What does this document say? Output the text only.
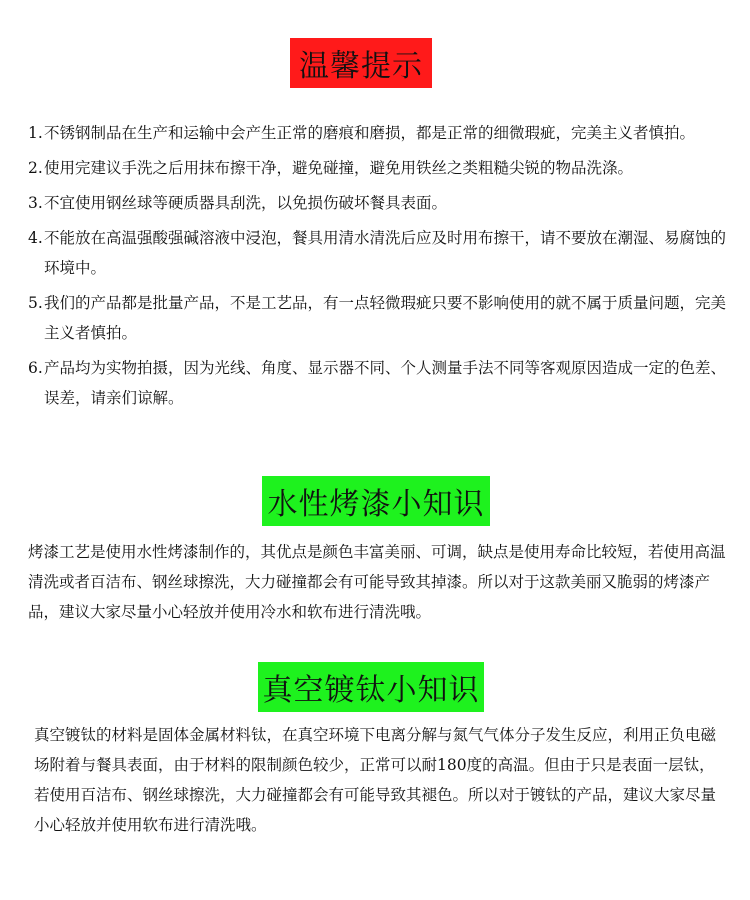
温馨提示
1. 不锈钢制品在生产和运输中会产生正常的磨痕和磨损，都是正常的细微瑕疵，完美主义者慎拍。
2. 使用完建议手洗之后用抹布擦干净，避免碰撞，避免用铁丝之类粗糙尖锐的物品洗涤。
3. 不宜使用钢丝球等硬质器具刮洗，以免损伤破坏餐具表面。
4. 不能放在高温强酸强碱溶液中浸泡，餐具用清水清洗后应及时用布擦干，请不要放在潮湿、易腐蚀的环境中。
5. 我们的产品都是批量产品，不是工艺品，有一点轻微瑕疵只要不影响使用的就不属于质量问题，完美主义者慎拍。
6. 产品均为实物拍摄，因为光线、角度、显示器不同、个人测量手法不同等客观原因造成一定的色差、误差，请亲们谅解。
水性烤漆小知识

烤漆工艺是使用水性烤漆制作的，其优点是颜色丰富美丽、可调，缺点是使用寿命比较短，若使用高温清洗或者百洁布、钢丝球擦洗，大力碰撞都会有可能导致其掉漆。所以对于这款美丽又脆弱的烤漆产品，建议大家尽量小心轻放并使用冷水和软布进行清洗哦。

真空镀钛小知识

真空镀钛的材料是固体金属材料钛，在真空环境下电离分解与氮气气体分子发生反应，利用正负电磁场附着与餐具表面，由于材料的限制颜色较少，正常可以耐180度的高温。但由于只是表面一层钛，若使用百洁布、钢丝球擦洗，大力碰撞都会有可能导致其褪色。所以对于镀钛的产品，建议大家尽量小心轻放并使用软布进行清洗哦。
